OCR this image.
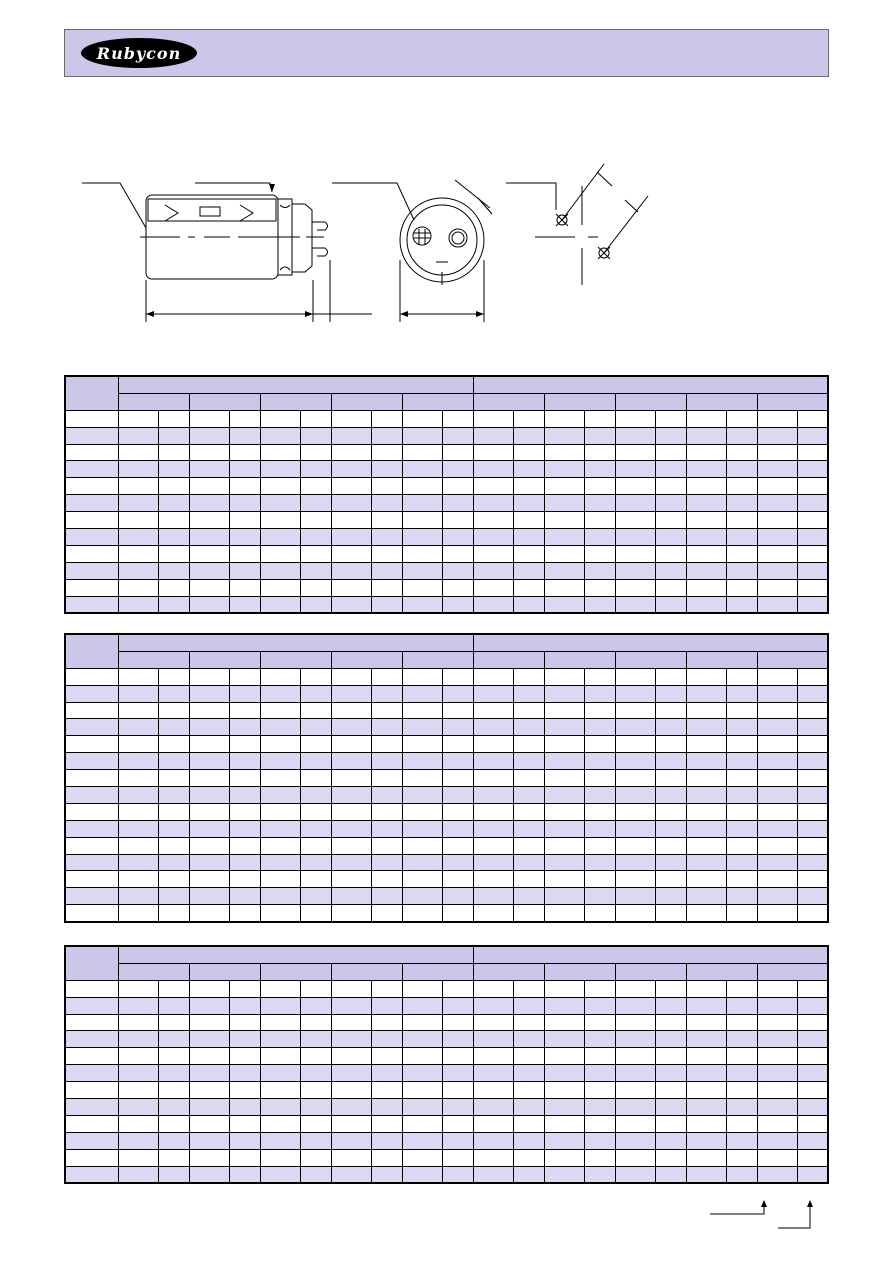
Rubycon
